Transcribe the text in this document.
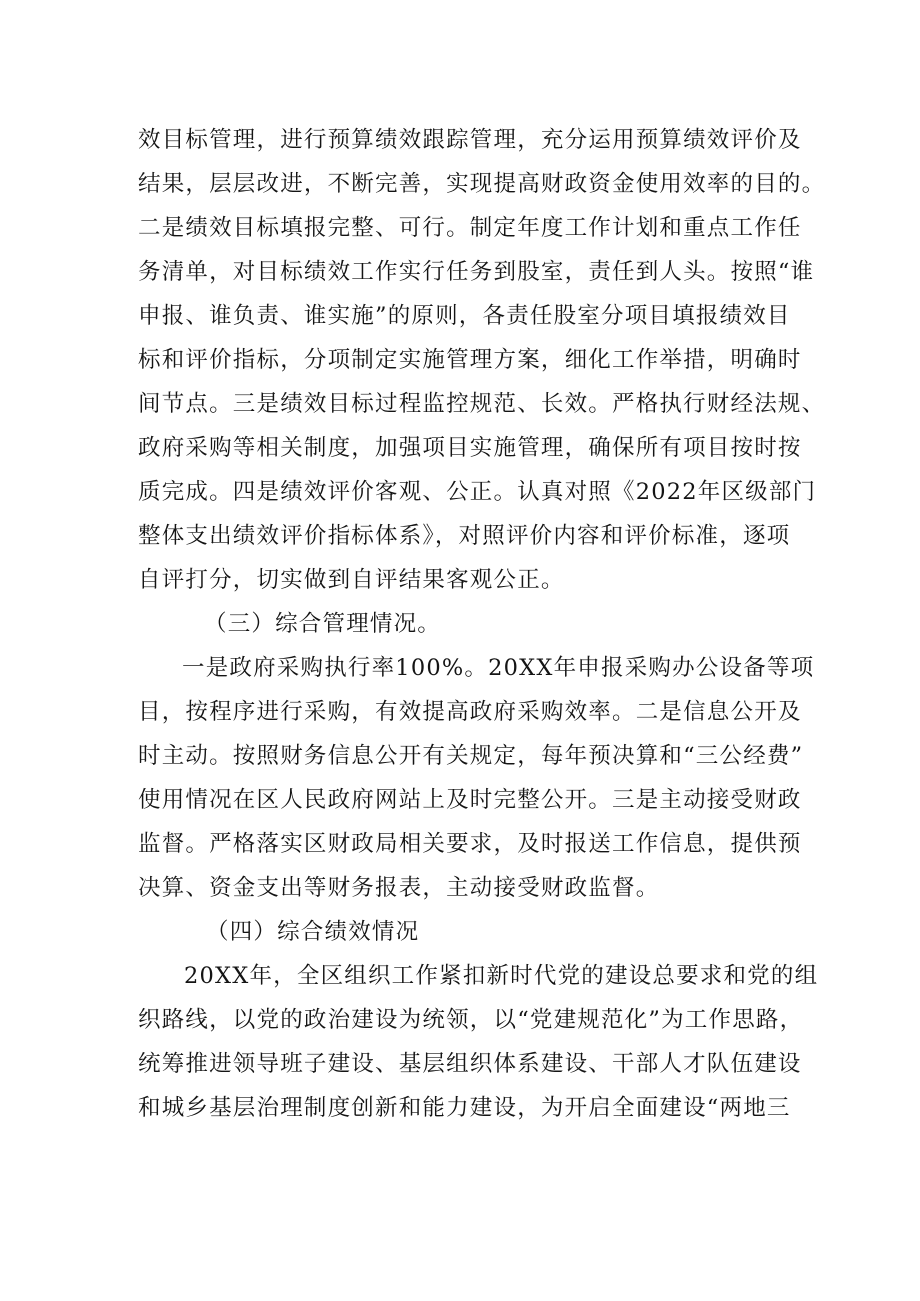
效目标管理，进行预算绩效跟踪管理，充分运用预算绩效评价及
结果，层层改进，不断完善，实现提高财政资金使用效率的目的。
二是绩效目标填报完整、可行。制定年度工作计划和重点工作任
务清单，对目标绩效工作实行任务到股室，责任到人头。按照“谁
申报、谁负责、谁实施”的原则，各责任股室分项目填报绩效目
标和评价指标，分项制定实施管理方案，细化工作举措，明确时
间节点。三是绩效目标过程监控规范、长效。严格执行财经法规、
政府采购等相关制度，加强项目实施管理，确保所有项目按时按
质完成。四是绩效评价客观、公正。认真对照《2022年区级部门
整体支出绩效评价指标体系》，对照评价内容和评价标准，逐项
自评打分，切实做到自评结果客观公正。
（三）综合管理情况。
一是政府采购执行率100%。20XX年申报采购办公设备等项
目，按程序进行采购，有效提高政府采购效率。二是信息公开及
时主动。按照财务信息公开有关规定，每年预决算和“三公经费”
使用情况在区人民政府网站上及时完整公开。三是主动接受财政
监督。严格落实区财政局相关要求，及时报送工作信息，提供预
决算、资金支出等财务报表，主动接受财政监督。
（四）综合绩效情况
20XX年，全区组织工作紧扣新时代党的建设总要求和党的组
织路线，以党的政治建设为统领，以“党建规范化”为工作思路，
统筹推进领导班子建设、基层组织体系建设、干部人才队伍建设
和城乡基层治理制度创新和能力建设，为开启全面建设“两地三
